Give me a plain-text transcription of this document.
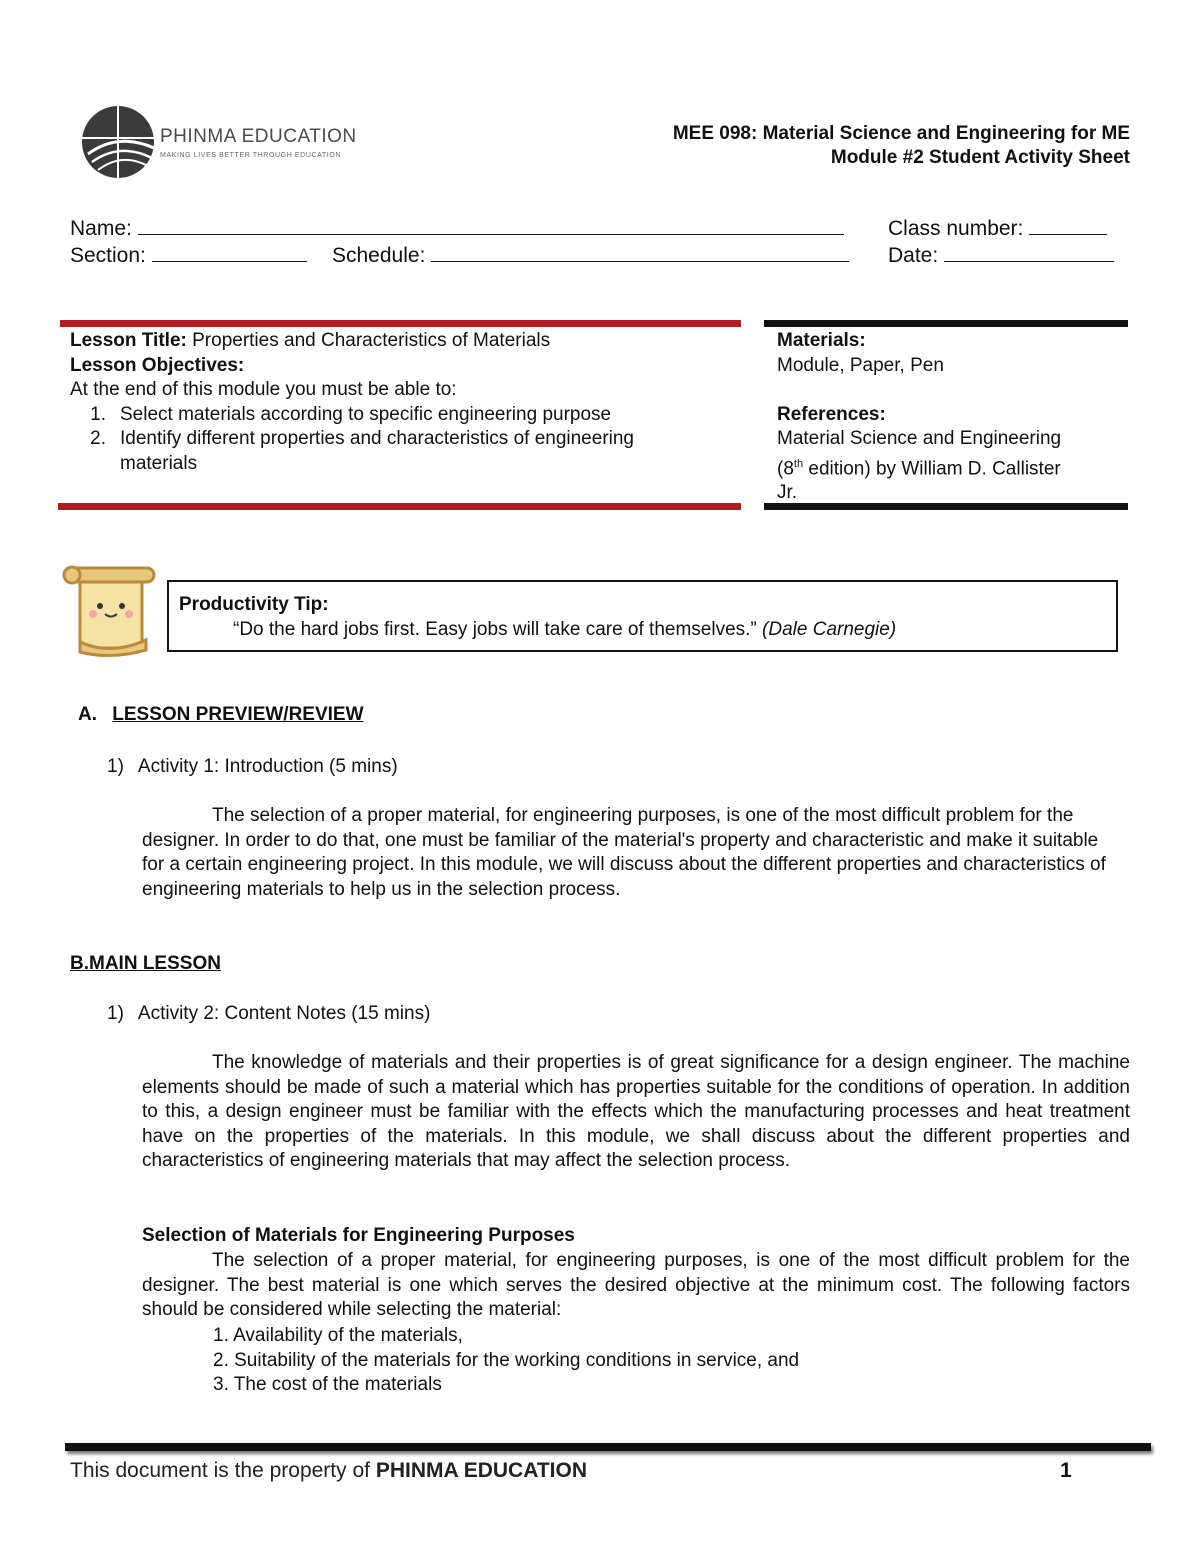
PHINMA EDUCATION
MAKING LIVES BETTER THROUGH EDUCATION
MEE 098: Material Science and Engineering for ME
Module #2 Student Activity Sheet
Name:	Class number:
Section:	Schedule:	Date:
Lesson Title: Properties and Characteristics of Materials
Lesson Objectives:
At the end of this module you must be able to:
1. Select materials according to specific engineering purpose
2. Identify different properties and characteristics of engineering materials
Materials:
Module, Paper, Pen
References:
Material Science and Engineering
(8th edition) by William D. Callister
Jr.
Productivity Tip:
“Do the hard jobs first. Easy jobs will take care of themselves.” (Dale Carnegie)
A. LESSON PREVIEW/REVIEW
1) Activity 1: Introduction (5 mins)
The selection of a proper material, for engineering purposes, is one of the most difficult problem for the designer. In order to do that, one must be familiar of the material's property and characteristic and make it suitable for a certain engineering project. In this module, we will discuss about the different properties and characteristics of engineering materials to help us in the selection process.
B.MAIN LESSON
1) Activity 2: Content Notes (15 mins)
The knowledge of materials and their properties is of great significance for a design engineer. The machine elements should be made of such a material which has properties suitable for the conditions of operation. In addition to this, a design engineer must be familiar with the effects which the manufacturing processes and heat treatment have on the properties of the materials. In this module, we shall discuss about the different properties and characteristics of engineering materials that may affect the selection process.
Selection of Materials for Engineering Purposes
The selection of a proper material, for engineering purposes, is one of the most difficult problem for the designer. The best material is one which serves the desired objective at the minimum cost. The following factors should be considered while selecting the material:
1. Availability of the materials,
2. Suitability of the materials for the working conditions in service, and
3. The cost of the materials
This document is the property of PHINMA EDUCATION	1
